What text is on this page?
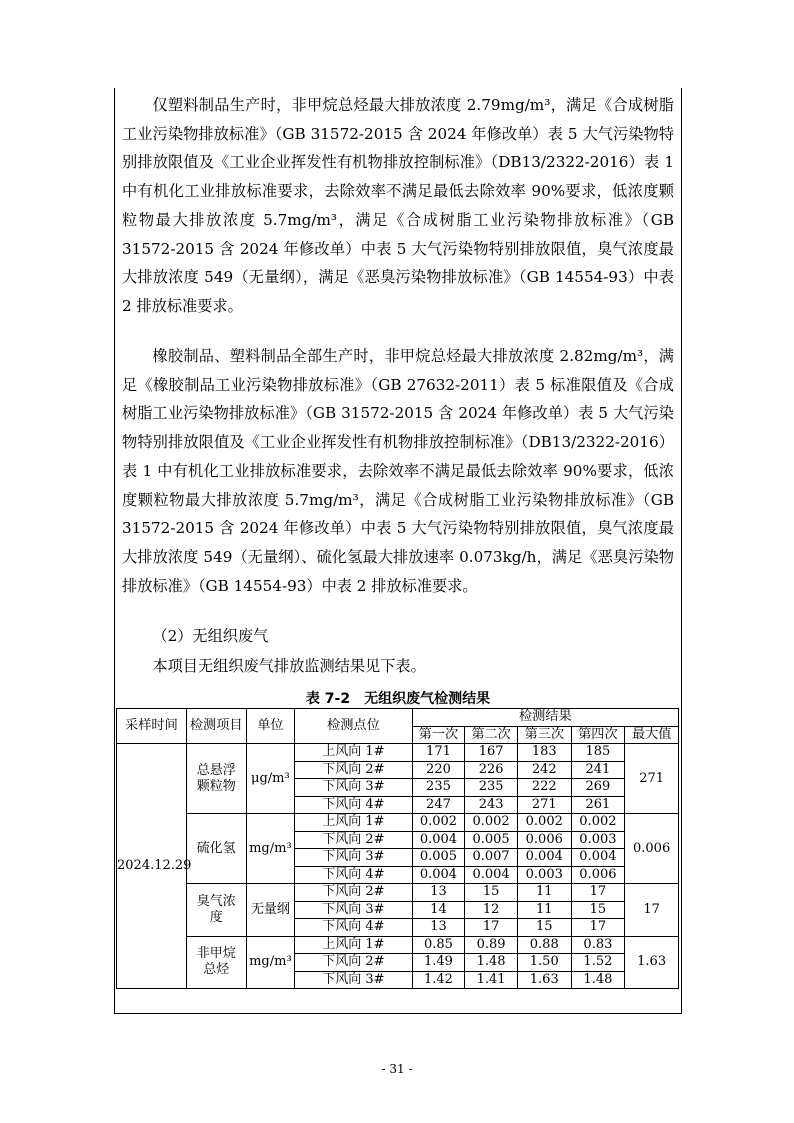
仅塑料制品生产时，非甲烷总烃最大排放浓度 2.79mg/m³，满足《合成树脂工业污染物排放标准》（GB 31572-2015 含 2024 年修改单）表 5 大气污染物特别排放限值及《工业企业挥发性有机物排放控制标准》（DB13/2322-2016）表 1 中有机化工业排放标准要求，去除效率不满足最低去除效率 90%要求，低浓度颗粒物最大排放浓度 5.7mg/m³，满足《合成树脂工业污染物排放标准》（GB 31572-2015 含 2024 年修改单）中表 5 大气污染物特别排放限值，臭气浓度最大排放浓度 549（无量纲），满足《恶臭污染物排放标准》（GB 14554-93）中表 2 排放标准要求。

橡胶制品、塑料制品全部生产时，非甲烷总烃最大排放浓度 2.82mg/m³，满足《橡胶制品工业污染物排放标准》（GB 27632-2011）表 5 标准限值及《合成树脂工业污染物排放标准》（GB 31572-2015 含 2024 年修改单）表 5 大气污染物特别排放限值及《工业企业挥发性有机物排放控制标准》（DB13/2322-2016）表 1 中有机化工业排放标准要求，去除效率不满足最低去除效率 90%要求，低浓度颗粒物最大排放浓度 5.7mg/m³，满足《合成树脂工业污染物排放标准》（GB 31572-2015 含 2024 年修改单）中表 5 大气污染物特别排放限值，臭气浓度最大排放浓度 549（无量纲）、硫化氢最大排放速率 0.073kg/h，满足《恶臭污染物排放标准》（GB 14554-93）中表 2 排放标准要求。

（2）无组织废气

本项目无组织废气排放监测结果见下表。

表 7-2　无组织废气检测结果
采样时间	检测项目	单位	检测点位	检测结果				
				第一次	第二次	第三次	第四次	最大值
2024.12.29	总悬浮颗粒物	μg/m³	上风向 1#	171	167	183	185	271
			下风向 2#	220	226	242	241	
			下风向 3#	235	235	222	269	
			下风向 4#	247	243	271	261	
	硫化氢	mg/m³	上风向 1#	0.002	0.002	0.002	0.002	0.006
			下风向 2#	0.004	0.005	0.006	0.003	
			下风向 3#	0.005	0.007	0.004	0.004	
			下风向 4#	0.004	0.004	0.003	0.006	
	臭气浓度	无量纲	下风向 2#	13	15	11	17	17
			下风向 3#	14	12	11	15	
			下风向 4#	13	17	15	17	
	非甲烷总烃	mg/m³	上风向 1#	0.85	0.89	0.88	0.83	1.63
			下风向 2#	1.49	1.48	1.50	1.52	
			下风向 3#	1.42	1.41	1.63	1.48	
- 31 -
